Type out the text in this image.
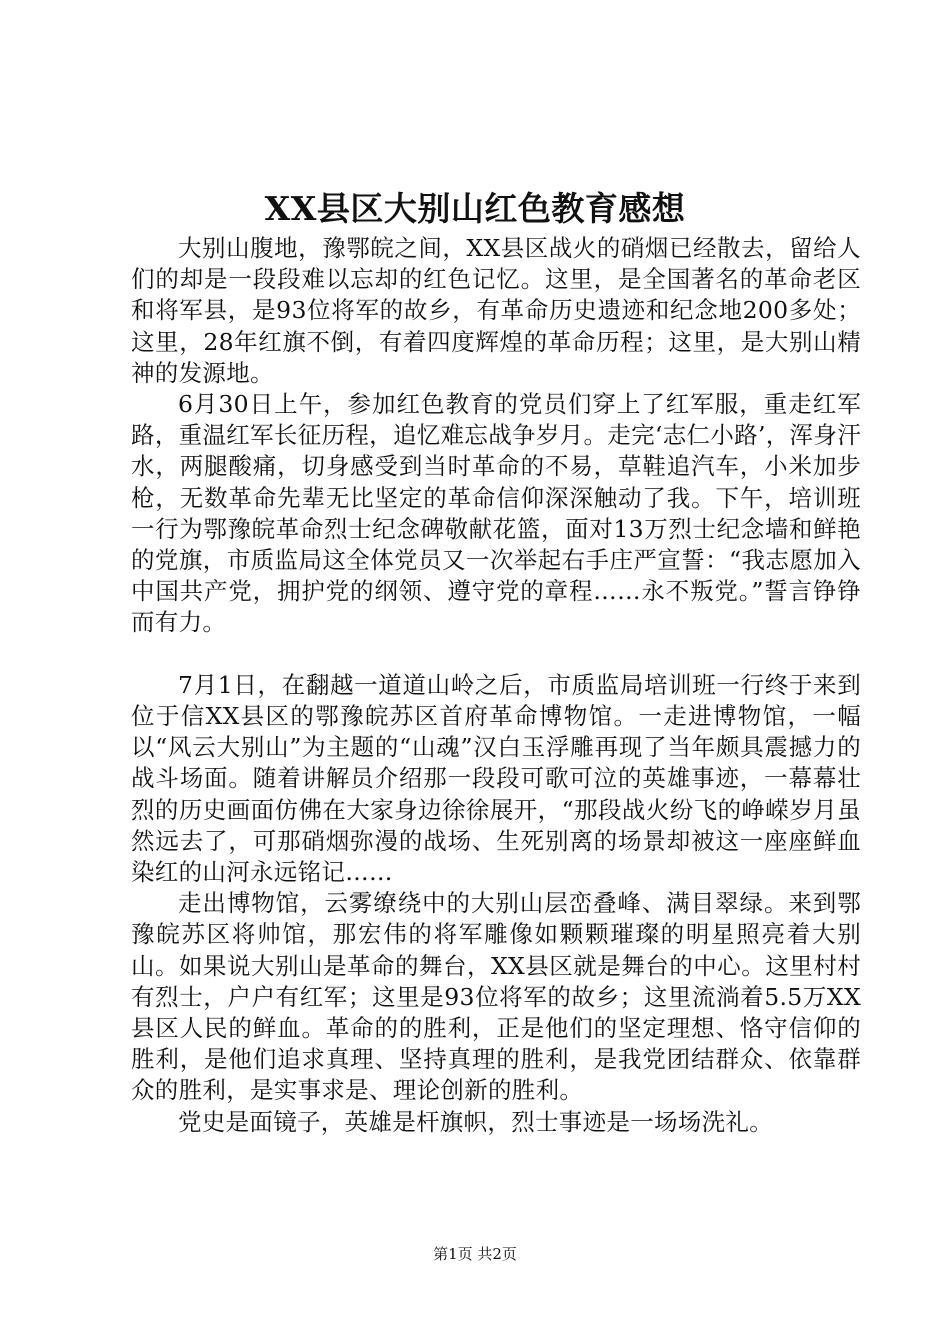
XX县区大别山红色教育感想

大别山腹地，豫鄂皖之间，XX县区战火的硝烟已经散去，留给人们的却是一段段难以忘却的红色记忆。这里，是全国著名的革命老区和将军县，是93位将军的故乡，有革命历史遗迹和纪念地200多处；这里，28年红旗不倒，有着四度辉煌的革命历程；这里，是大别山精神的发源地。

6月30日上午，参加红色教育的党员们穿上了红军服，重走红军路，重温红军长征历程，追忆难忘战争岁月。走完‘志仁小路’，浑身汗水，两腿酸痛，切身感受到当时革命的不易，草鞋追汽车，小米加步枪，无数革命先辈无比坚定的革命信仰深深触动了我。下午，培训班一行为鄂豫皖革命烈士纪念碑敬献花篮，面对13万烈士纪念墙和鲜艳的党旗，市质监局这全体党员又一次举起右手庄严宣誓：“我志愿加入中国共产党，拥护党的纲领、遵守党的章程……永不叛党。”誓言铮铮而有力。

7月1日，在翻越一道道山岭之后，市质监局培训班一行终于来到位于信XX县区的鄂豫皖苏区首府革命博物馆。一走进博物馆，一幅以“风云大别山”为主题的“山魂”汉白玉浮雕再现了当年颇具震撼力的战斗场面。随着讲解员介绍那一段段可歌可泣的英雄事迹，一幕幕壮烈的历史画面仿佛在大家身边徐徐展开，“那段战火纷飞的峥嵘岁月虽然远去了，可那硝烟弥漫的战场、生死别离的场景却被这一座座鲜血染红的山河永远铭记……

走出博物馆，云雾缭绕中的大别山层峦叠峰、满目翠绿。来到鄂豫皖苏区将帅馆，那宏伟的将军雕像如颗颗璀璨的明星照亮着大别山。如果说大别山是革命的舞台，XX县区就是舞台的中心。这里村村有烈士，户户有红军；这里是93位将军的故乡；这里流淌着5.5万XX县区人民的鲜血。革命的的胜利，正是他们的坚定理想、恪守信仰的胜利，是他们追求真理、坚持真理的胜利，是我党团结群众、依靠群众的胜利，是实事求是、理论创新的胜利。

党史是面镜子，英雄是杆旗帜，烈士事迹是一场场洗礼。

第1页 共2页
